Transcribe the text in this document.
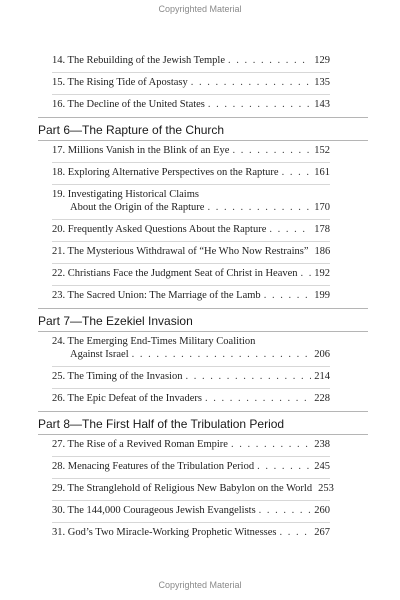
Copyrighted Material
14. The Rebuilding of the Jewish Temple . . .	129
15. The Rising Tide of Apostasy . . .	135
16. The Decline of the United States . . .	143
Part 6—The Rapture of the Church
17. Millions Vanish in the Blink of an Eye . . .	152
18. Exploring Alternative Perspectives on the Rapture . . .	161
19. Investigating Historical Claims
About the Origin of the Rapture . . .	170
20. Frequently Asked Questions About the Rapture . . .	178
21. The Mysterious Withdrawal of “He Who Now Restrains” 186
22. Christians Face the Judgment Seat of Christ in Heaven . . . 192
23. The Sacred Union: The Marriage of the Lamb . . .	199
Part 7—The Ezekiel Invasion
24. The Emerging End-Times Military Coalition
Against Israel . . .	206
25. The Timing of the Invasion . . .	214
26. The Epic Defeat of the Invaders . . .	228
Part 8—The First Half of the Tribulation Period
27. The Rise of a Revived Roman Empire . . .	238
28. Menacing Features of the Tribulation Period . . .	245
29. The Stranglehold of Religious New Babylon on the World 253
30. The 144,000 Courageous Jewish Evangelists . . .	260
31. God’s Two Miracle-Working Prophetic Witnesses . . .	267
Copyrighted Material
